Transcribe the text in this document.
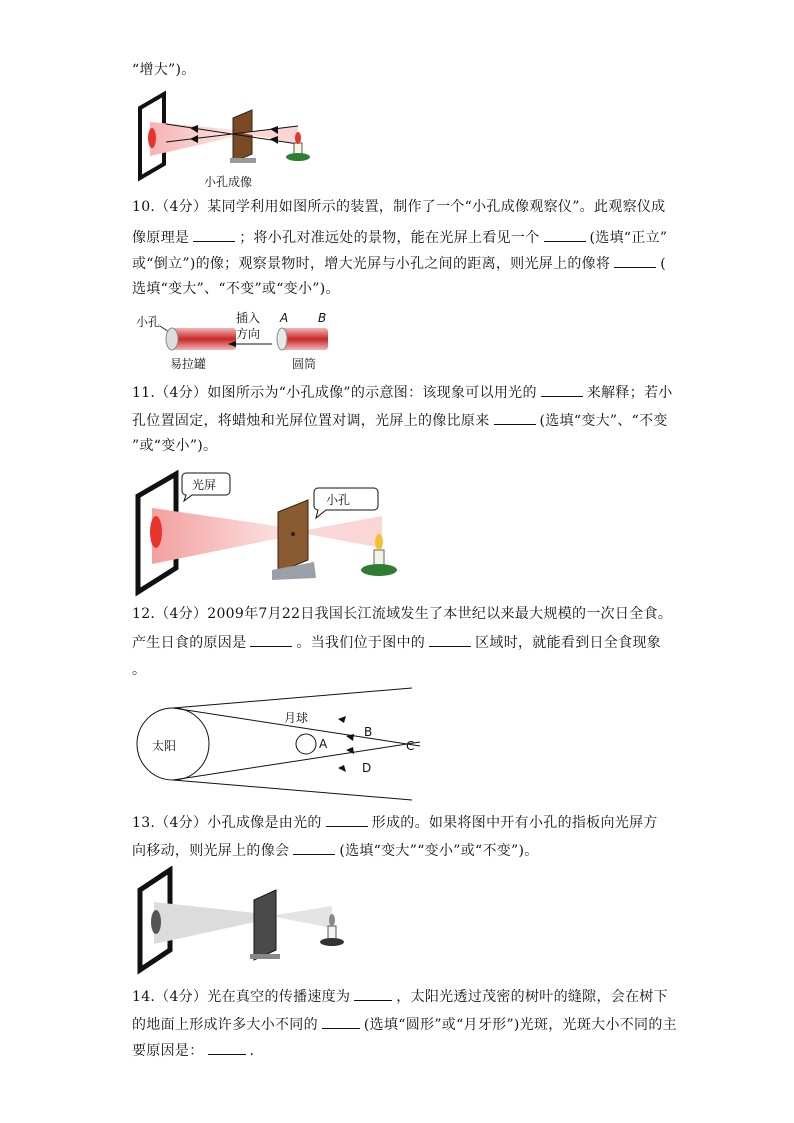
“增大”)。
小孔成像
10.（4分）某同学利用如图所示的装置，制作了一个“小孔成像观察仪”。此观察仪成
像原理是	；将小孔对准远处的景物，能在光屏上看见一个	(选填“正立”
或“倒立”)的像；观察景物时，增大光屏与小孔之间的距离，则光屏上的像将	(
选填“变大”、“不变”或“变小”)。
小孔	插入
方向
A B
易拉罐	圆筒
11.（4分）如图所示为“小孔成像”的示意图：该现象可以用光的	来解释；若小
孔位置固定，将蜡烛和光屏位置对调，光屏上的像比原来	(选填“变大”、“不变
”或“变小”)。
光屏
小孔
12.（4分）2009年7月22日我国长江流域发生了本世纪以来最大规模的一次日全食。
产生日食的原因是	。当我们位于图中的	区域时，就能看到日全食现象
。
太阳
月球
A
B
C
D
13.（4分）小孔成像是由光的	形成的。如果将图中开有小孔的指板向光屏方
向移动，则光屏上的像会	(选填“变大”“变小”或“不变”)。
14.（4分）光在真空的传播速度为	，太阳光透过茂密的树叶的缝隙，会在树下
的地面上形成许多大小不同的	(选填“圆形”或“月牙形”)光斑，光斑大小不同的主
要原因是：	.
